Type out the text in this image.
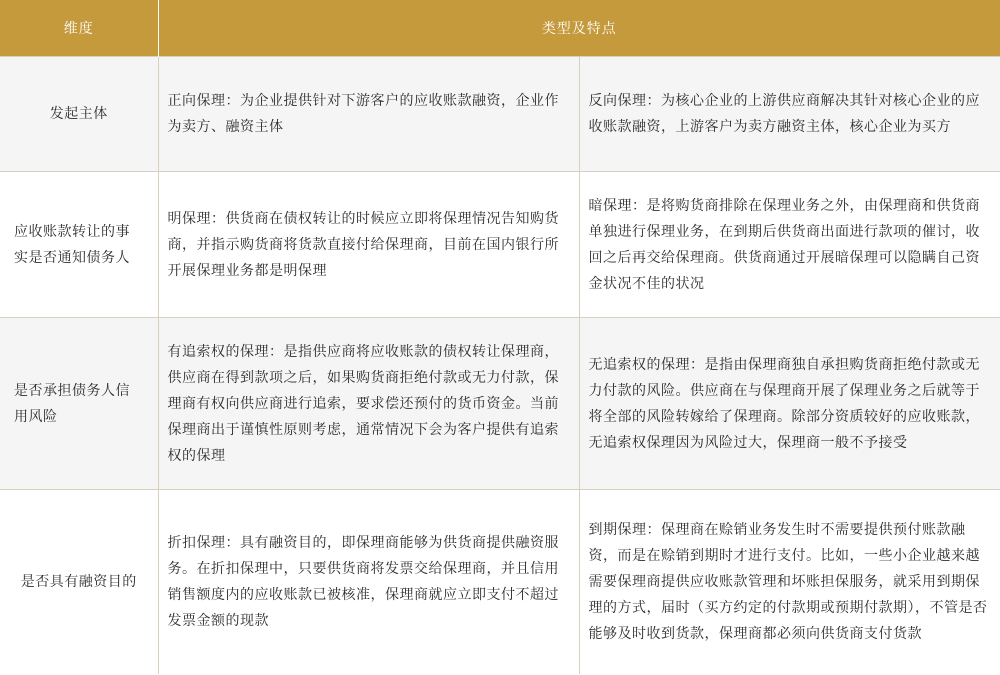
维度	类型及特点	
发起主体	正向保理：为企业提供针对下游客户的应收账款融资，企业作为卖方、融资主体	反向保理：为核心企业的上游供应商解决其针对核心企业的应收账款融资，上游客户为卖方融资主体，核心企业为买方
应收账款转让的事实是否通知债务人	明保理：供货商在债权转让的时候应立即将保理情况告知购货商，并指示购货商将货款直接付给保理商，目前在国内银行所开展保理业务都是明保理	暗保理：是将购货商排除在保理业务之外，由保理商和供货商单独进行保理业务，在到期后供货商出面进行款项的催讨，收回之后再交给保理商。供货商通过开展暗保理可以隐瞒自己资金状况不佳的状况
是否承担债务人信用风险	有追索权的保理：是指供应商将应收账款的债权转让保理商，供应商在得到款项之后，如果购货商拒绝付款或无力付款，保理商有权向供应商进行追索，要求偿还预付的货币资金。当前保理商出于谨慎性原则考虑，通常情况下会为客户提供有追索权的保理	无追索权的保理：是指由保理商独自承担购货商拒绝付款或无力付款的风险。供应商在与保理商开展了保理业务之后就等于将全部的风险转嫁给了保理商。除部分资质较好的应收账款，无追索权保理因为风险过大，保理商一般不予接受
是否具有融资目的	折扣保理：具有融资目的，即保理商能够为供货商提供融资服务。在折扣保理中，只要供货商将发票交给保理商，并且信用销售额度内的应收账款已被核准，保理商就应立即支付不超过发票金额的现款	到期保理：保理商在赊销业务发生时不需要提供预付账款融资，而是在赊销到期时才进行支付。比如，一些小企业越来越需要保理商提供应收账款管理和坏账担保服务，就采用到期保理的方式，届时（买方约定的付款期或预期付款期），不管是否能够及时收到货款，保理商都必须向供货商支付货款
